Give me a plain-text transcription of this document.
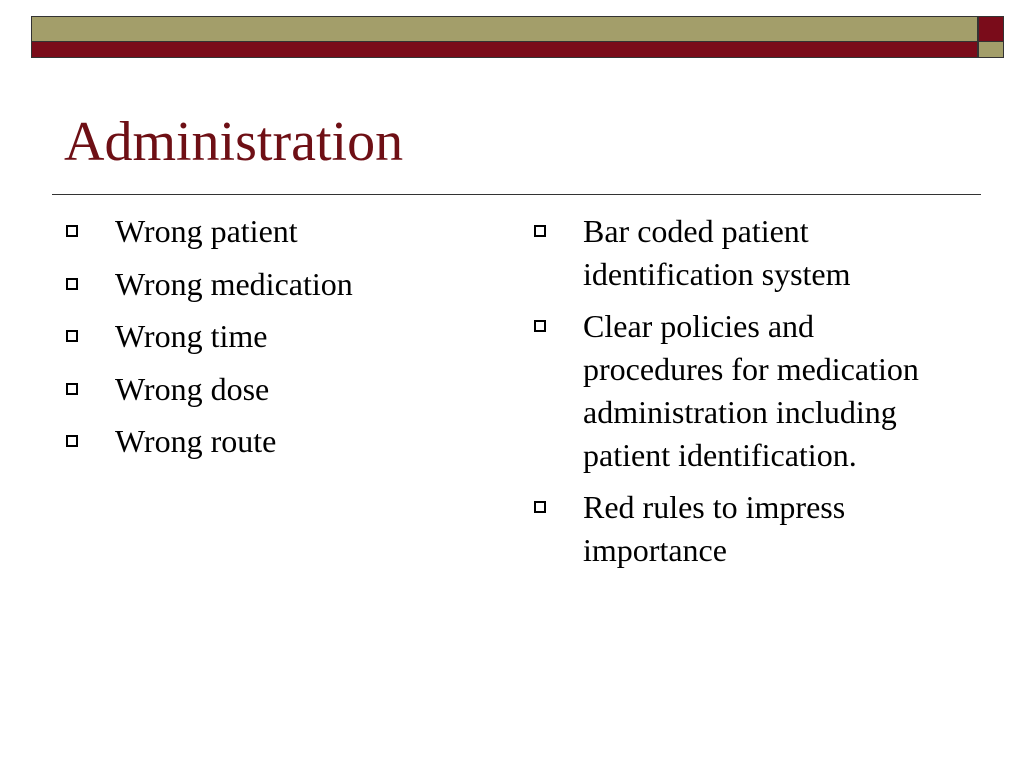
Administration
Wrong patient
Wrong medication
Wrong time
Wrong dose
Wrong route
Bar coded patient identification system
Clear policies and procedures for medication administration including patient identification.
Red rules to impress importance
